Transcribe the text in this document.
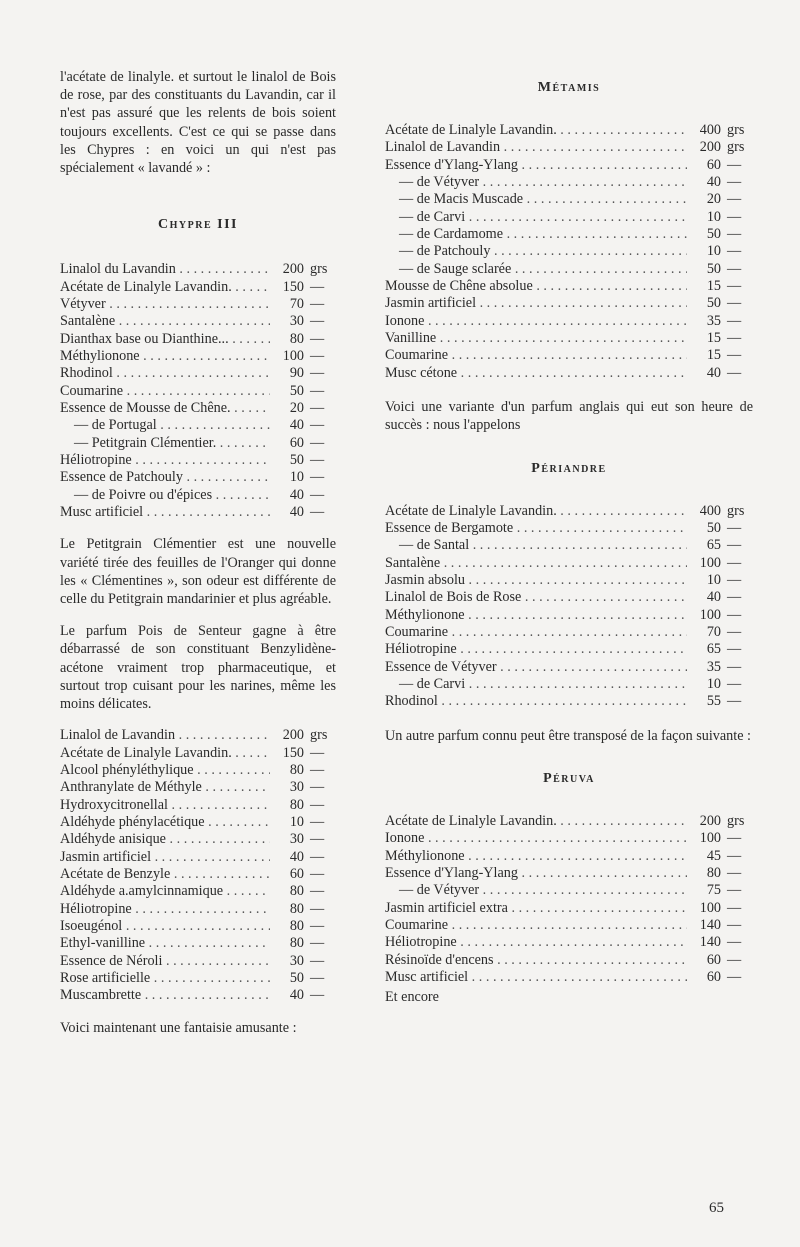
l'acétate de linalyle. et surtout le linalol de Bois de rose, par des constituants du Lavandin, car il n'est pas assuré que les relents de bois soient toujours excellents. C'est ce qui se passe dans les Chypres : en voici un qui n'est pas spécialement « lavandé » :

Chypre III
Linalol du Lavandin . . .	200 grs
Acétate de Linalyle Lavandin. . . .	150 —
Vétyver . . .	70 —
Santalène . . .	30 —
Dianthax base ou Dianthine... . . .	80 —
Méthylionone . . .	100 —
Rhodinol . . .	90 —
Coumarine . . .	50 —
Essence de Mousse de Chêne. . . .	20 —
— de Portugal . . .	40 —
— Petitgrain Clémentier. . . .	60 —
Héliotropine . . .	50 —
Essence de Patchouly . . .	10 —
— de Poivre ou d'épices . . .	40 —
Musc artificiel . . .	40 —

Le Petitgrain Clémentier est une nouvelle variété tirée des feuilles de l'Oranger qui donne les « Clémentines », son odeur est différente de celle du Petitgrain mandarinier et plus agréable.

Le parfum Pois de Senteur gagne à être débarrassé de son constituant Benzylidène-acétone vraiment trop pharmaceutique, et surtout trop cuisant pour les narines, même les moins délicates.

Linalol de Lavandin . . .	200 grs
Acétate de Linalyle Lavandin. . . .	150 —
Alcool phényléthylique . . .	80 —
Anthranylate de Méthyle . . .	30 —
Hydroxycitronellal . . .	80 —
Aldéhyde phénylacétique . . .	10 —
Aldéhyde anisique . . .	30 —
Jasmin artificiel . . .	40 —
Acétate de Benzyle . . .	60 —
Aldéhyde a.amylcinnamique . . .	80 —
Héliotropine . . .	80 —
Isoeugénol . . .	80 —
Ethyl-vanilline . . .	80 —
Essence de Néroli . . .	30 —
Rose artificielle . . .	50 —
Muscambrette . . .	40 —

Voici maintenant une fantaisie amusante :

Métamis
Acétate de Linalyle Lavandin. . . .	400 grs
Linalol de Lavandin . . .	200 grs
Essence d'Ylang-Ylang . . .	60 —
— de Vétyver . . .	40 —
— de Macis Muscade . . .	20 —
— de Carvi . . .	10 —
— de Cardamome . . .	50 —
— de Patchouly . . .	10 —
— de Sauge sclarée . . .	50 —
Mousse de Chêne absolue . . .	15 —
Jasmin artificiel . . .	50 —
Ionone . . .	35 —
Vanilline . . .	15 —
Coumarine . . .	15 —
Musc cétone . . .	40 —

Voici une variante d'un parfum anglais qui eut son heure de succès : nous l'appelons

Périandre
Acétate de Linalyle Lavandin. . . .	400 grs
Essence de Bergamote . . .	50 —
— de Santal . . .	65 —
Santalène . . .	100 —
Jasmin absolu . . .	10 —
Linalol de Bois de Rose . . .	40 —
Méthylionone . . .	100 —
Coumarine . . .	70 —
Héliotropine . . .	65 —
Essence de Vétyver . . .	35 —
— de Carvi . . .	10 —
Rhodinol . . .	55 —

Un autre parfum connu peut être transposé de la façon suivante :

Péruva
Acétate de Linalyle Lavandin. . . .	200 grs
Ionone . . .	100 —
Méthylionone . . .	45 —
Essence d'Ylang-Ylang . . .	80 —
— de Vétyver . . .	75 —
Jasmin artificiel extra . . .	100 —
Coumarine . . .	140 —
Héliotropine . . .	140 —
Résinoïde d'encens . . .	60 —
Musc artificiel . . .	60 —

Et encore

65
